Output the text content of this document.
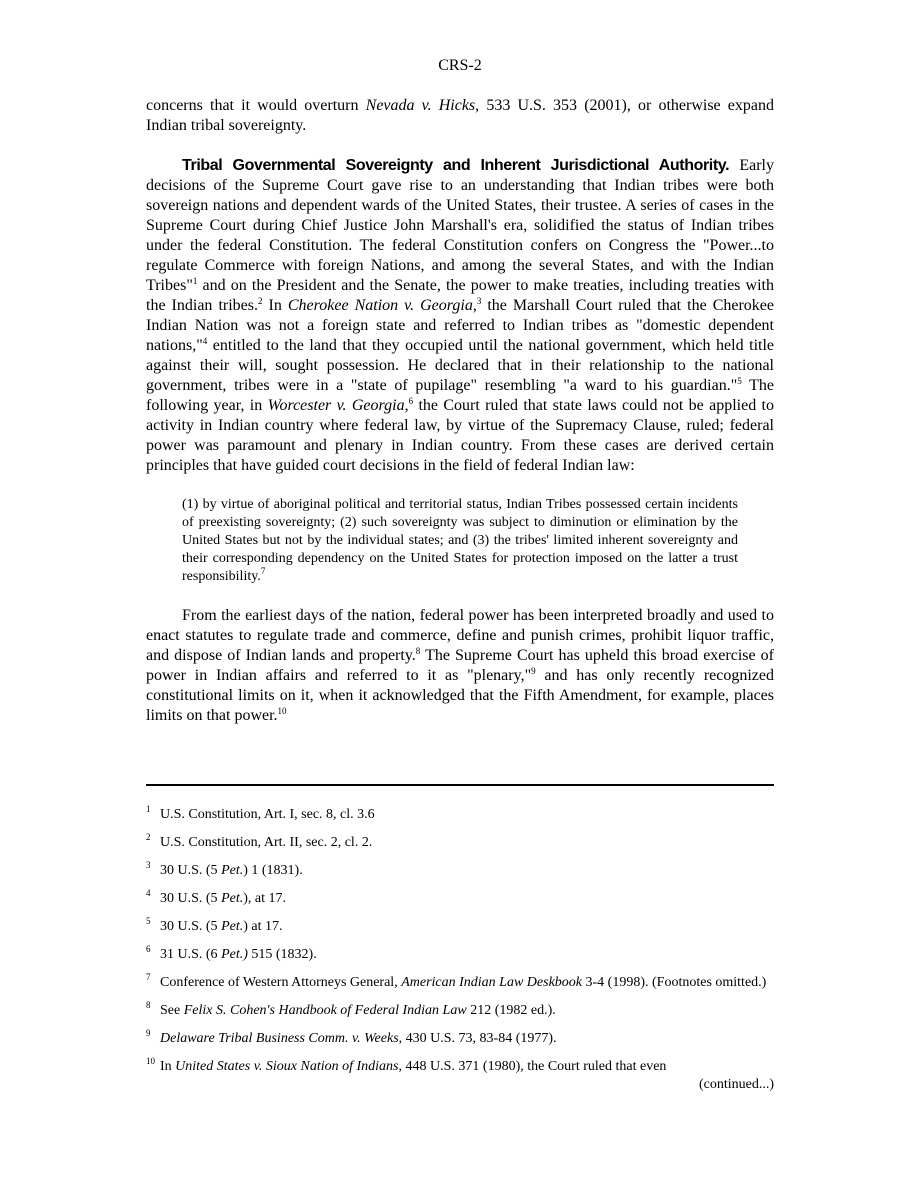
CRS-2

concerns that it would overturn Nevada v. Hicks, 533 U.S. 353 (2001), or otherwise expand Indian tribal sovereignty.

Tribal Governmental Sovereignty and Inherent Jurisdictional Authority. Early decisions of the Supreme Court gave rise to an understanding that Indian tribes were both sovereign nations and dependent wards of the United States, their trustee. A series of cases in the Supreme Court during Chief Justice John Marshall's era, solidified the status of Indian tribes under the federal Constitution. The federal Constitution confers on Congress the "Power...to regulate Commerce with foreign Nations, and among the several States, and with the Indian Tribes"$^1$ and on the President and the Senate, the power to make treaties, including treaties with the Indian tribes.$^2$ In Cherokee Nation v. Georgia,$^3$ the Marshall Court ruled that the Cherokee Indian Nation was not a foreign state and referred to Indian tribes as "domestic dependent nations,"$^4$ entitled to the land that they occupied until the national government, which held title against their will, sought possession. He declared that in their relationship to the national government, tribes were in a "state of pupilage" resembling "a ward to his guardian."$^5$ The following year, in Worcester v. Georgia,$^6$ the Court ruled that state laws could not be applied to activity in Indian country where federal law, by virtue of the Supremacy Clause, ruled; federal power was paramount and plenary in Indian country. From these cases are derived certain principles that have guided court decisions in the field of federal Indian law:

(1) by virtue of aboriginal political and territorial status, Indian Tribes possessed certain incidents of preexisting sovereignty; (2) such sovereignty was subject to diminution or elimination by the United States but not by the individual states; and (3) the tribes' limited inherent sovereignty and their corresponding dependency on the United States for protection imposed on the latter a trust responsibility.$^7$

From the earliest days of the nation, federal power has been interpreted broadly and used to enact statutes to regulate trade and commerce, define and punish crimes, prohibit liquor traffic, and dispose of Indian lands and property.$^8$ The Supreme Court has upheld this broad exercise of power in Indian affairs and referred to it as "plenary,"$^9$ and has only recently recognized constitutional limits on it, when it acknowledged that the Fifth Amendment, for example, places limits on that power.$^{10}$

1 U.S. Constitution, Art. I, sec. 8, cl. 3.6
2 U.S. Constitution, Art. II, sec. 2, cl. 2.
3 30 U.S. (5 Pet.) 1 (1831).
4 30 U.S. (5 Pet.), at 17.
5 30 U.S. (5 Pet.) at 17.
6 31 U.S. (6 Pet.) 515 (1832).
7 Conference of Western Attorneys General, American Indian Law Deskbook 3-4 (1998). (Footnotes omitted.)
8 See Felix S. Cohen's Handbook of Federal Indian Law 212 (1982 ed.).
9 Delaware Tribal Business Comm. v. Weeks, 430 U.S. 73, 83-84 (1977).
10 In United States v. Sioux Nation of Indians, 448 U.S. 371 (1980), the Court ruled that even
(continued...)
